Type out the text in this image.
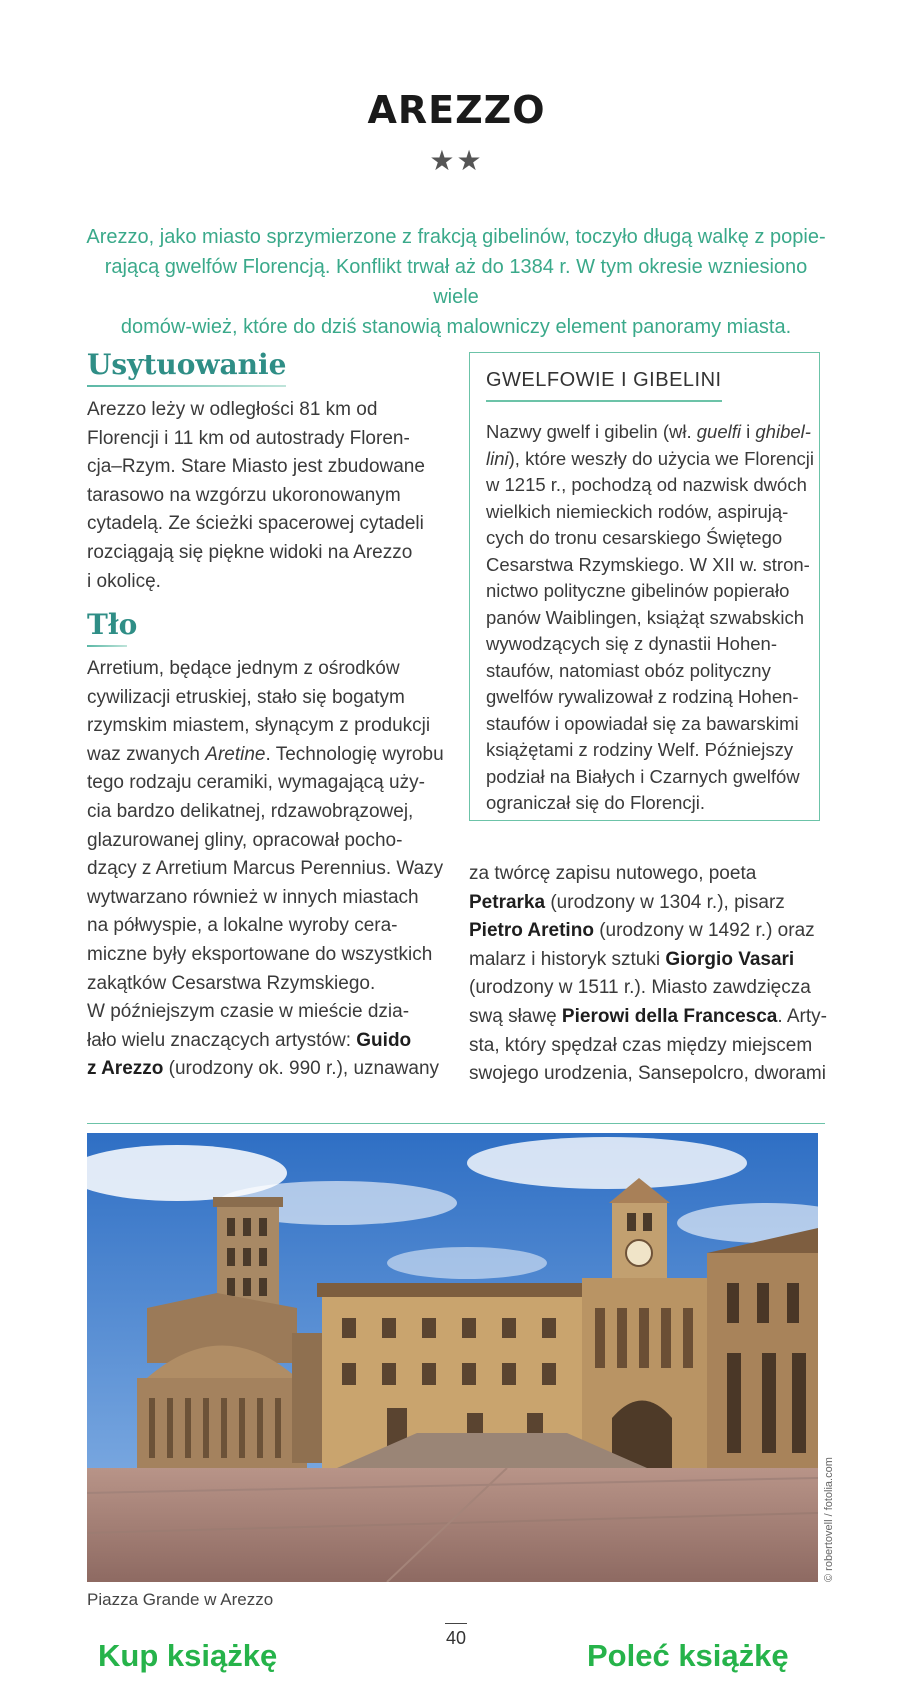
AREZZO
★★

Arezzo, jako miasto sprzymierzone z frakcją gibelinów, toczyło długą walkę z popie-
rającą gwelfów Florencją. Konflikt trwał aż do 1384 r. W tym okresie wzniesiono wiele
domów-wież, które do dziś stanowią malowniczy element panoramy miasta.

Usytuowanie

Arezzo leży w odległości 81 km od
Florencji i 11 km od autostrady Floren-
cja–Rzym. Stare Miasto jest zbudowane
tarasowo na wzgórzu ukoronowanym
cytadelą. Ze ścieżki spacerowej cytadeli
rozciągają się piękne widoki na Arezzo
i okolicę.

Tło

Arretium, będące jednym z ośrodków
cywilizacji etruskiej, stało się bogatym
rzymskim miastem, słynącym z produkcji
waz zwanych Aretine. Technologię wyrobu
tego rodzaju ceramiki, wymagającą uży-
cia bardzo delikatnej, rdzawobrązowej,
glazurowanej gliny, opracował pocho-
dzący z Arretium Marcus Perennius. Wazy
wytwarzano również w innych miastach
na półwyspie, a lokalne wyroby cera-
miczne były eksportowane do wszystkich
zakątków Cesarstwa Rzymskiego.
W późniejszym czasie w mieście dzia-
łało wielu znaczących artystów: Guido
z Arezzo (urodzony ok. 990 r.), uznawany

GWELFOWIE I GIBELINI
Nazwy gwelf i gibelin (wł. guelfi i ghibel-
lini), które weszły do użycia we Florencji
w 1215 r., pochodzą od nazwisk dwóch
wielkich niemieckich rodów, aspirują-
cych do tronu cesarskiego Świętego
Cesarstwa Rzymskiego. W XII w. stron-
nictwo polityczne gibelinów popierało
panów Waiblingen, książąt szwabskich
wywodzących się z dynastii Hohen-
staufów, natomiast obóz polityczny
gwelfów rywalizował z rodziną Hohen-
staufów i opowiadał się za bawarskimi
książętami z rodziny Welf. Późniejszy
podział na Białych i Czarnych gwelfów
ograniczał się do Florencji.
za twórcę zapisu nutowego, poeta
Petrarka (urodzony w 1304 r.), pisarz
Pietro Aretino (urodzony w 1492 r.) oraz
malarz i historyk sztuki Giorgio Vasari
(urodzony w 1511 r.). Miasto zawdzięcza
swą sławę Pierowi della Francesca. Arty-
sta, który spędzał czas między miejscem
swojego urodzenia, Sansepolcro, dworami
© robertovell / fotolia.com
Piazza Grande w Arezzo
40
Kup książkę	Poleć książkę
